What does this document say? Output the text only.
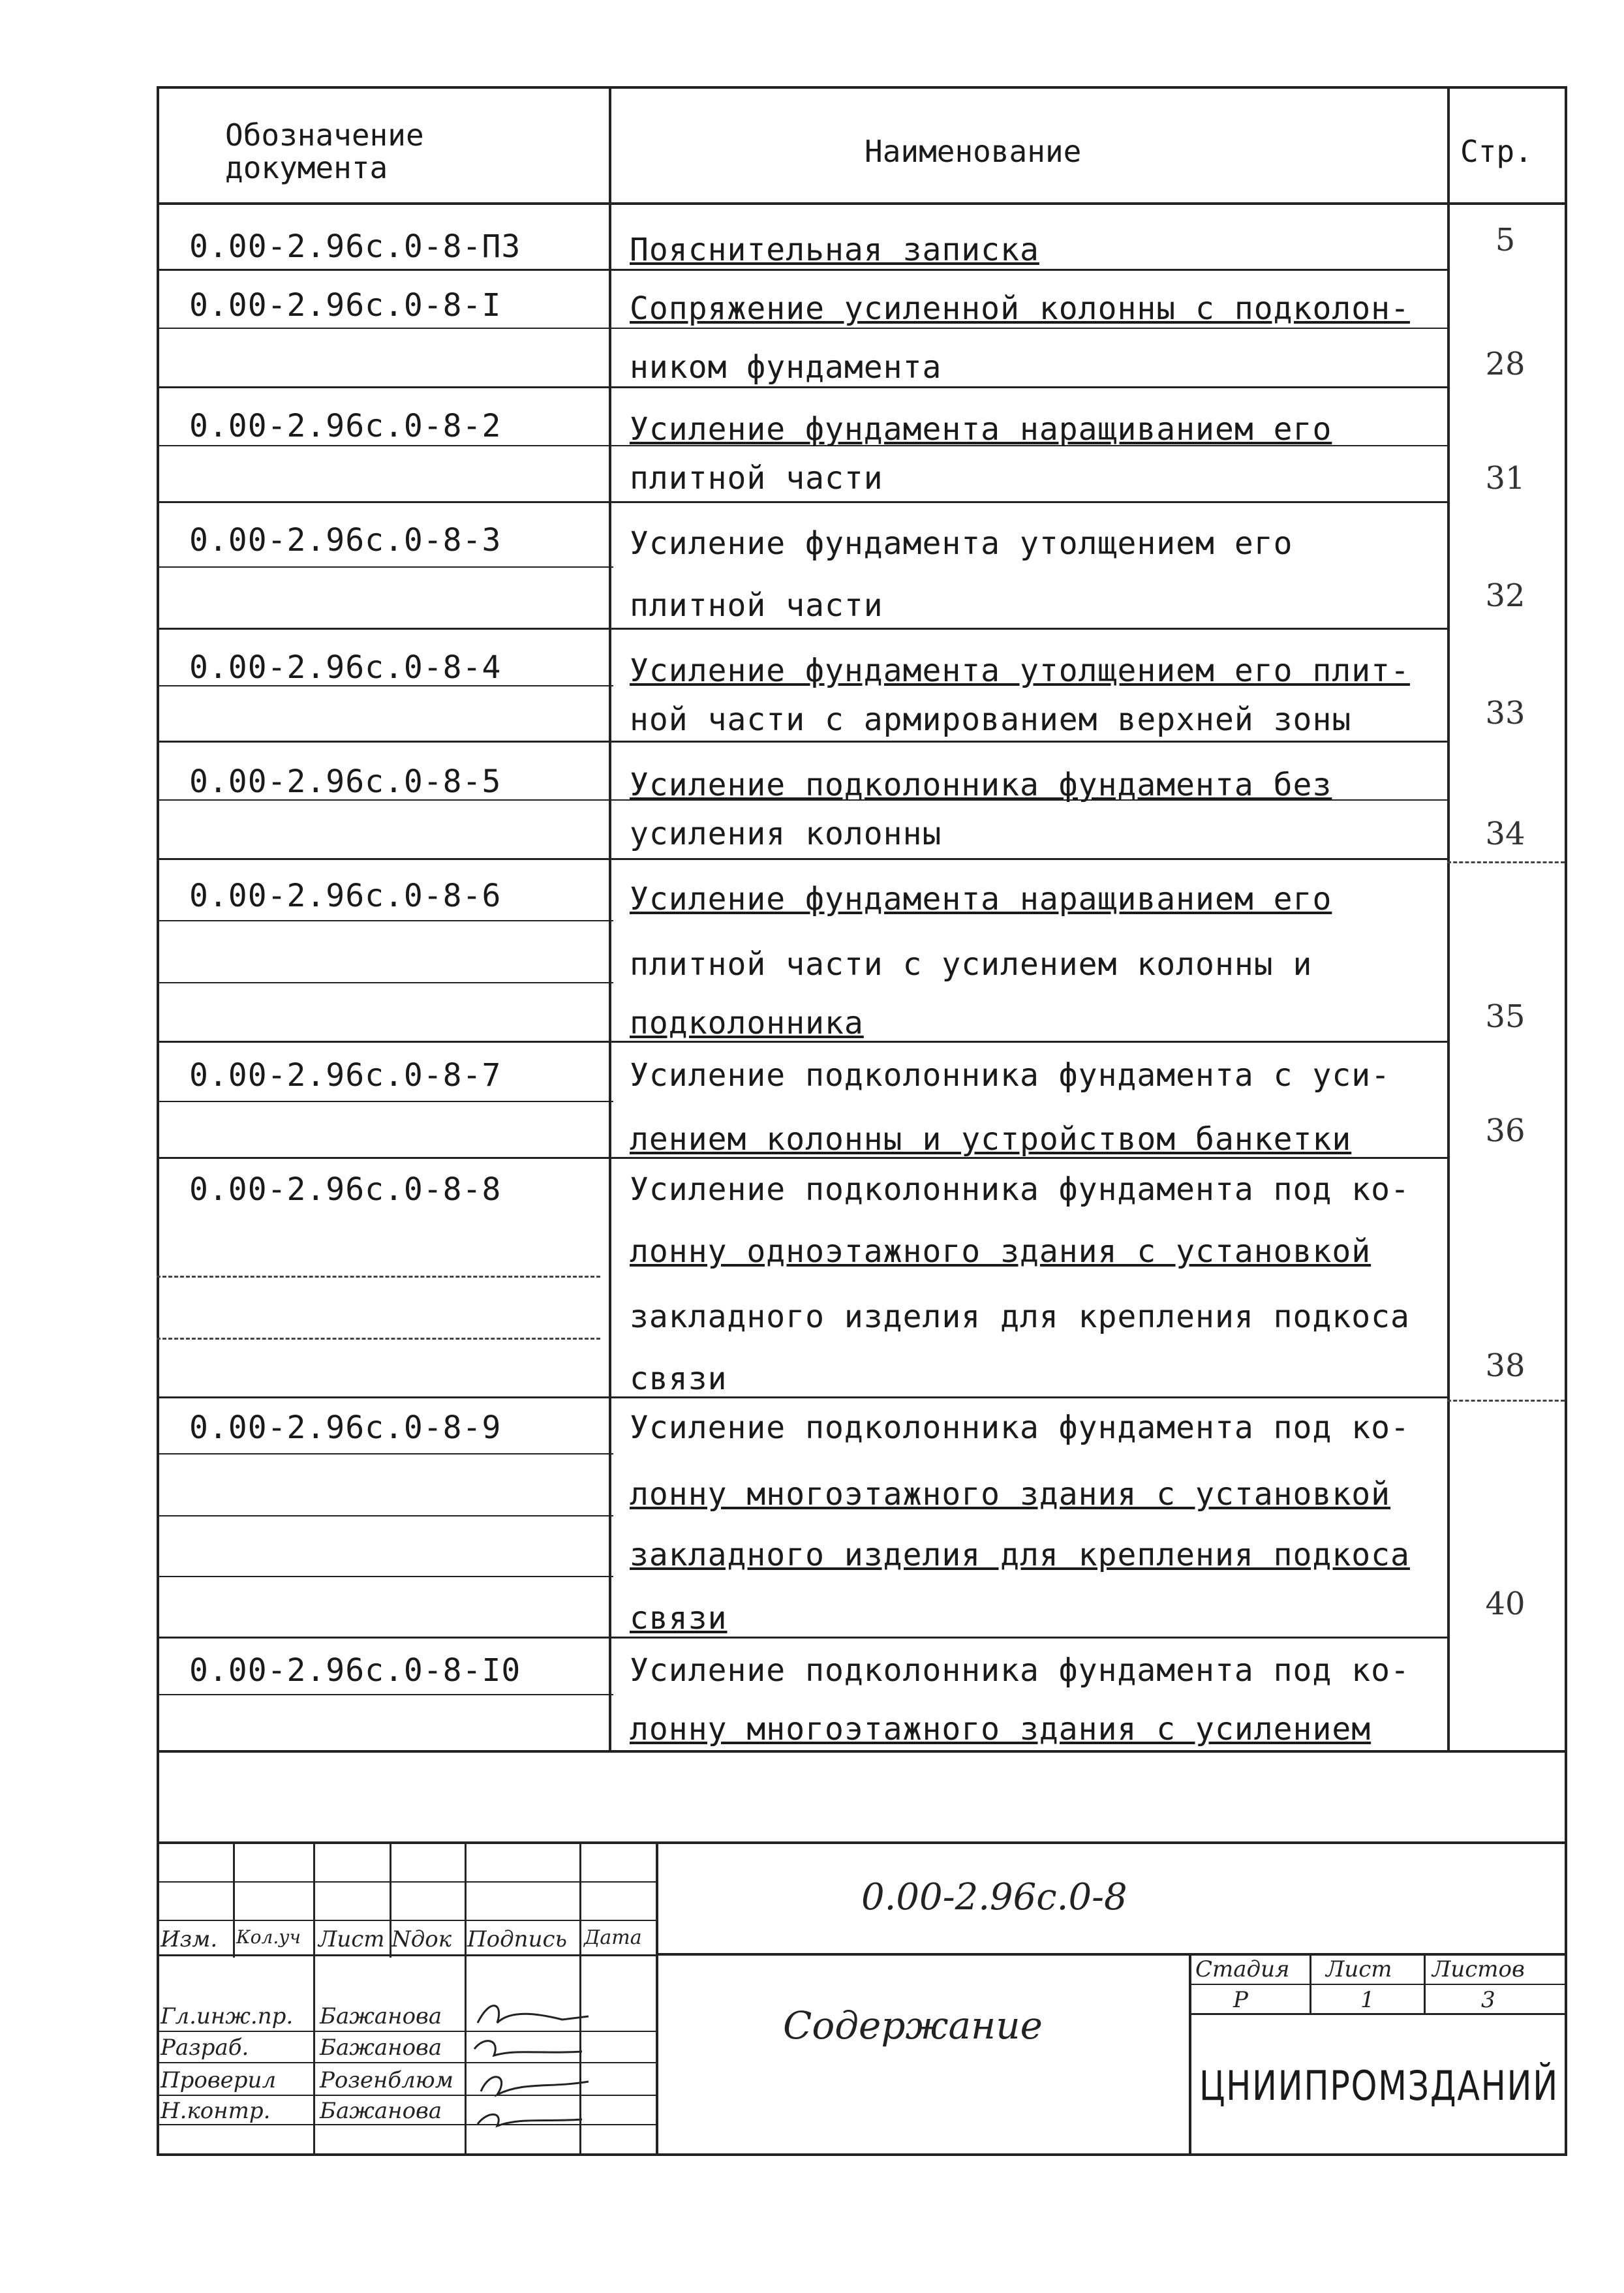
Обозначение
документа	Наименование	Стр.
0.00-2.96с.0-8-ПЗ	Пояснительная записка	5
0.00-2.96с.0-8-I	Сопряжение усиленной колонны с подколон-
ником фундамента	28
0.00-2.96с.0-8-2	Усиление фундамента наращиванием его
плитной части	31
0.00-2.96с.0-8-3	Усиление фундамента утолщением его
плитной части	32
0.00-2.96с.0-8-4	Усиление фундамента утолщением его плит-
ной части с армированием верхней зоны	33
0.00-2.96с.0-8-5	Усиление подколонника фундамента без
усиления колонны	34
0.00-2.96с.0-8-6	Усиление фундамента наращиванием его
плитной части с усилением колонны и
подколонника	35
0.00-2.96с.0-8-7	Усиление подколонника фундамента с уси-
лением колонны и устройством банкетки	36
0.00-2.96с.0-8-8	Усиление подколонника фундамента под ко-
лонну одноэтажного здания с установкой
закладного изделия для крепления подкоса
связи	38
0.00-2.96с.0-8-9	Усиление подколонника фундамента под ко-
лонну многоэтажного здания с установкой
закладного изделия для крепления подкоса
связи	40
0.00-2.96с.0-8-I0	Усиление подколонника фундамента под ко-
лонну многоэтажного здания с усилением
Изм. Кол.уч Лист Nдок Подпись Дата
Гл.инж.пр. Бажанова
Разраб.	Бажанова
Проверил Розенблюм
Н.контр. Бажанова
0.00-2.96с.0-8
Содержание
Стадия Лист Листов
Р	1	3
ЦНИИПРОМЗДАНИЙ
